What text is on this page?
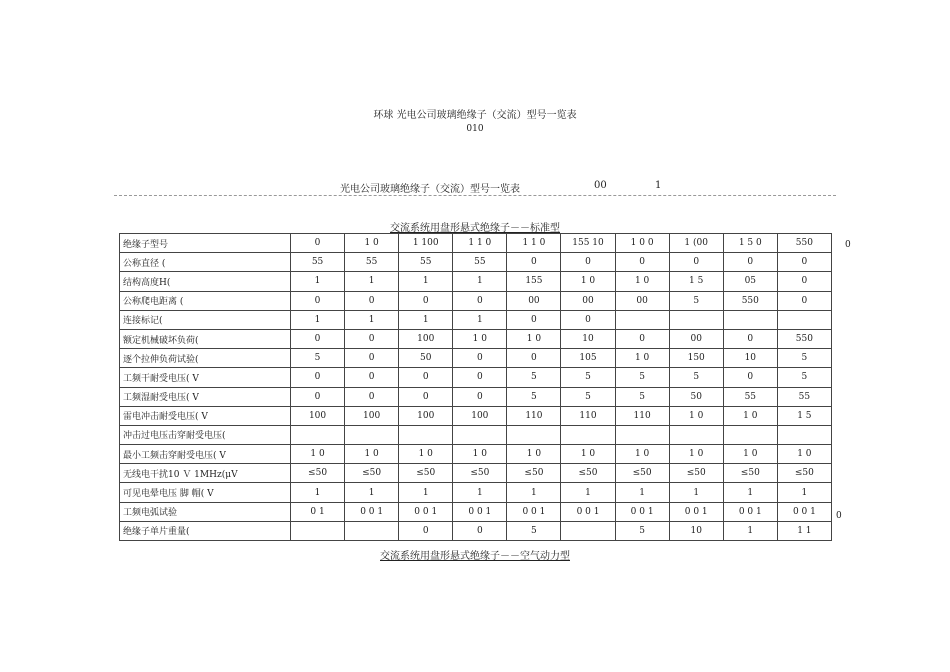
环球 光电公司玻璃绝缘子（交流）型号一览表
010
光电公司玻璃绝缘子（交流）型号一览表	00	1
交流系统用盘形悬式绝缘子－－标准型
绝缘子型号	0	1 0	1 100	1 1 0	1 1 0	155 10	1 0 0	1 (00	1 5 0	550
公称直径 (	55	55	55	55	0	0	0	0	0	0
结构高度H(	1	1	1	1	155	1 0	1 0	1 5	05	0
公称爬电距离 (	0	0	0	0	00	00	00	5	550	0
连接标记(	1	1	1	1	0	0				
额定机械破坏负荷(	0	0	100	1 0	1 0	10	0	00	0	550
逐个拉伸负荷试验(	5	0	50	0	0	105	1 0	150	10	5
工频干耐受电压( V	0	0	0	0	5	5	5	5	0	5
工频湿耐受电压( V	0	0	0	0	5	5	5	50	55	55
雷电冲击耐受电压( V	100	100	100	100	110	110	110	1 0	1 0	1 5
冲击过电压击穿耐受电压(										
最小工频击穿耐受电压( V	1 0	1 0	1 0	1 0	1 0	1 0	1 0	1 0	1 0	1 0
无线电干扰10 Ｖ 1MHz(μV	≤50	≤50	≤50	≤50	≤50	≤50	≤50	≤50	≤50	≤50
可见电晕电压 脚 帽( V	1	1	1	1	1	1	1	1	1	1
工频电弧试验	0 1	0 0 1	0 0 1	0 0 1	0 0 1	0 0 1	0 0 1	0 0 1	0 0 1	0 0 1
绝缘子单片重量(			0	0	5		5	10	1	1 1
0
0
交流系统用盘形悬式绝缘子－－空气动力型
